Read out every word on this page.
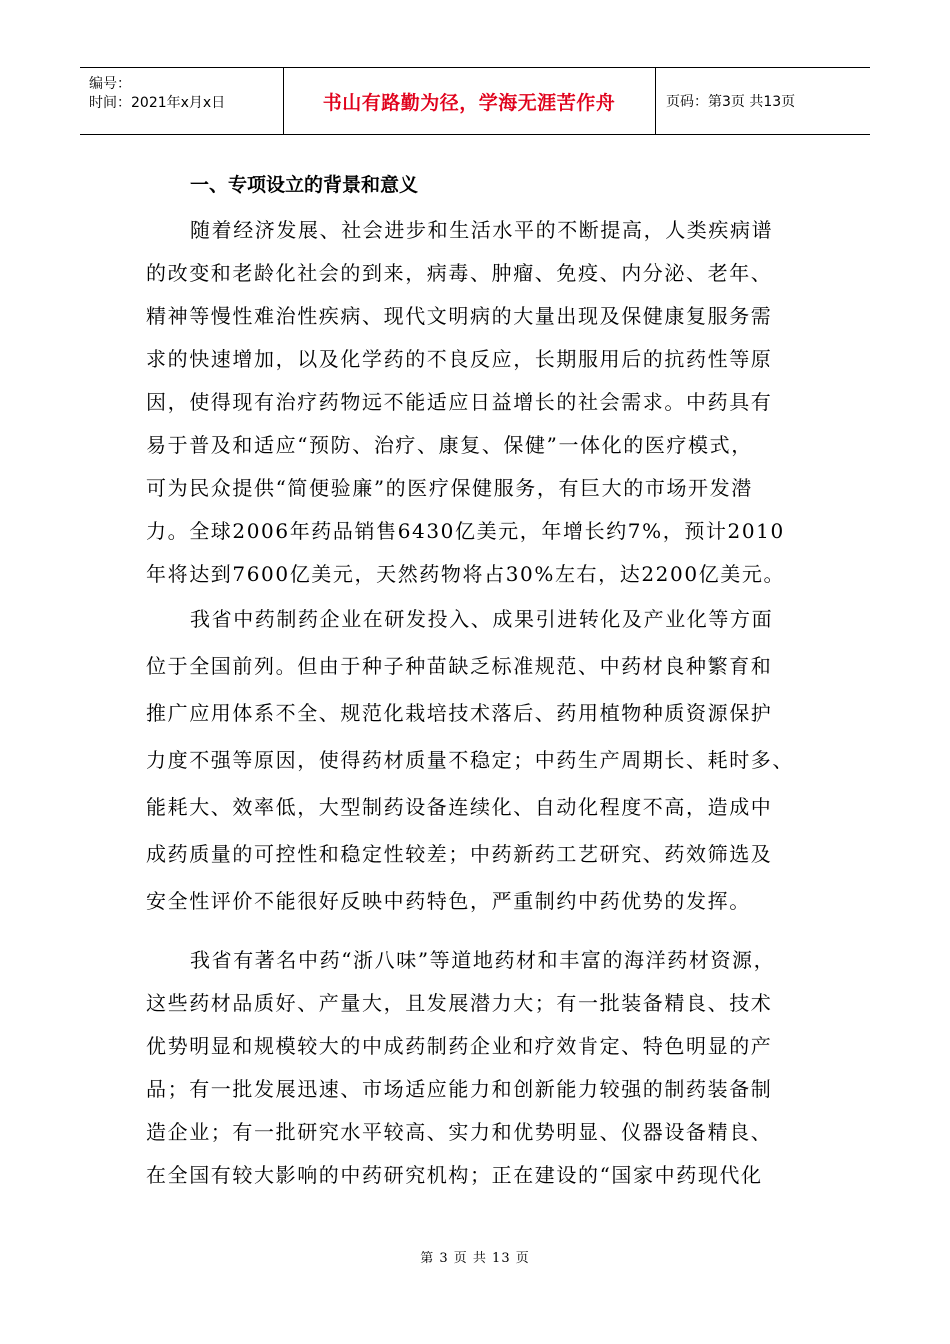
编号：
时间：2021年x月x日	书山有路勤为径，学海无涯苦作舟	页码：第3页 共13页
一、专项设立的背景和意义
随着经济发展、社会进步和生活水平的不断提高，人类疾病谱
的改变和老龄化社会的到来，病毒、肿瘤、免疫、内分泌、老年、
精神等慢性难治性疾病、现代文明病的大量出现及保健康复服务需
求的快速增加，以及化学药的不良反应，长期服用后的抗药性等原
因，使得现有治疗药物远不能适应日益增长的社会需求。中药具有
易于普及和适应“预防、治疗、康复、保健”一体化的医疗模式，
可为民众提供“简便验廉”的医疗保健服务，有巨大的市场开发潜
力。全球2006年药品销售6430亿美元，年增长约7%，预计2010
年将达到7600亿美元，天然药物将占30%左右，达2200亿美元。
我省中药制药企业在研发投入、成果引进转化及产业化等方面
位于全国前列。但由于种子种苗缺乏标准规范、中药材良种繁育和
推广应用体系不全、规范化栽培技术落后、药用植物种质资源保护
力度不强等原因，使得药材质量不稳定；中药生产周期长、耗时多、
能耗大、效率低，大型制药设备连续化、自动化程度不高，造成中
成药质量的可控性和稳定性较差；中药新药工艺研究、药效筛选及
安全性评价不能很好反映中药特色，严重制约中药优势的发挥。
我省有著名中药“浙八味”等道地药材和丰富的海洋药材资源，
这些药材品质好、产量大，且发展潜力大；有一批装备精良、技术
优势明显和规模较大的中成药制药企业和疗效肯定、特色明显的产
品；有一批发展迅速、市场适应能力和创新能力较强的制药装备制
造企业；有一批研究水平较高、实力和优势明显、仪器设备精良、
在全国有较大影响的中药研究机构；正在建设的“国家中药现代化
第 3 页 共 13 页
